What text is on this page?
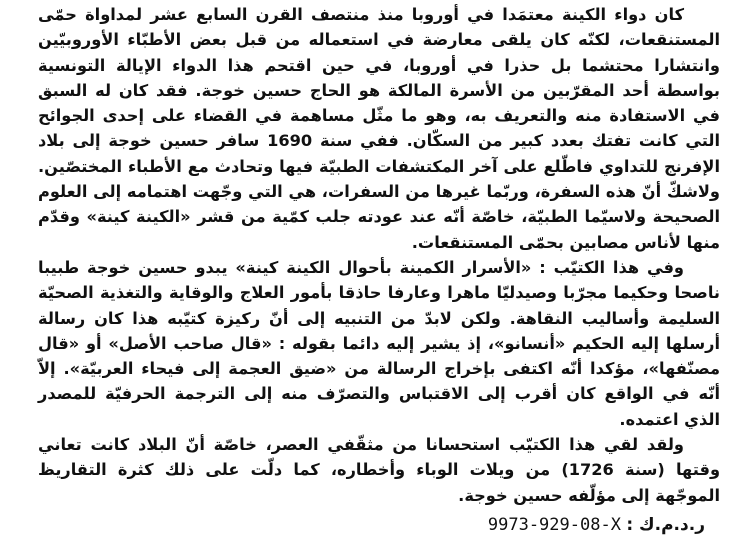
كان دواء الكينة معتمَدا في أوروبا منذ منتصف القرن السابع عشر لمداواة حمّى المستنقعات، لكنّه كان يلقى معارضة في استعماله من قبل بعض الأطبّاء الأوروبيّين وانتشارا محتشما بل حذرا في أوروبا، في حين اقتحم هذا الدواء الإيالة التونسية بواسطة أحد المقرّبين من الأسرة المالكة هو الحاج حسين خوجة. فقد كان له السبق في الاستفادة منه والتعريف به، وهو ما مثّل مساهمة في القضاء على إحدى الجوائح التي كانت تفتك بعدد كبير من السكّان. ففي سنة 1690 سافر حسين خوجة إلى بلاد الإفرنج للتداوي فاطّلع على آخر المكتشفات الطبيّة فيها وتحادث مع الأطباء المختصّين. ولاشكّ أنّ هذه السفرة، وربّما غيرها من السفرات، هي التي وجّهت اهتمامه إلى العلوم الصحيحة ولاسيّما الطبيّة، خاصّة أنّه عند عودته جلب كمّية من قشر «الكينة كينة» وقدّم منها لأناس مصابين بحمّى المستنقعات.

وفي هذا الكتيّب : «الأسرار الكمينة بأحوال الكينة كينة» يبدو حسين خوجة طبيبا ناصحا وحكيما مجرّبا وصيدليّا ماهرا وعارفا حاذقا بأمور العلاج والوقاية والتغذية الصحيّة السليمة وأساليب النقاهة. ولكن لابدّ من التنبيه إلى أنّ ركيزة كتيّبه هذا كان رسالة أرسلها إليه الحكيم «أنسانو»، إذ يشير إليه دائما بقوله : «قال صاحب الأصل» أو «قال مصنّفها»، مؤكدا أنّه اكتفى بإخراج الرسالة من «ضيق العجمة إلى فيحاء العربيّة». إلاّ أنّه في الواقع كان أقرب إلى الاقتباس والتصرّف منه إلى الترجمة الحرفيّة للمصدر الذي اعتمده.

ولقد لقي هذا الكتيّب استحسانا من مثقّفي العصر، خاصّة أنّ البلاد كانت تعاني وقتها (سنة 1726) من ويلات الوباء وأخطاره، كما دلّت على ذلك كثرة التقاريظ الموجّهة إلى مؤلّفه حسين خوجة.

ر.د.م.ك : 9973-929-08-X
